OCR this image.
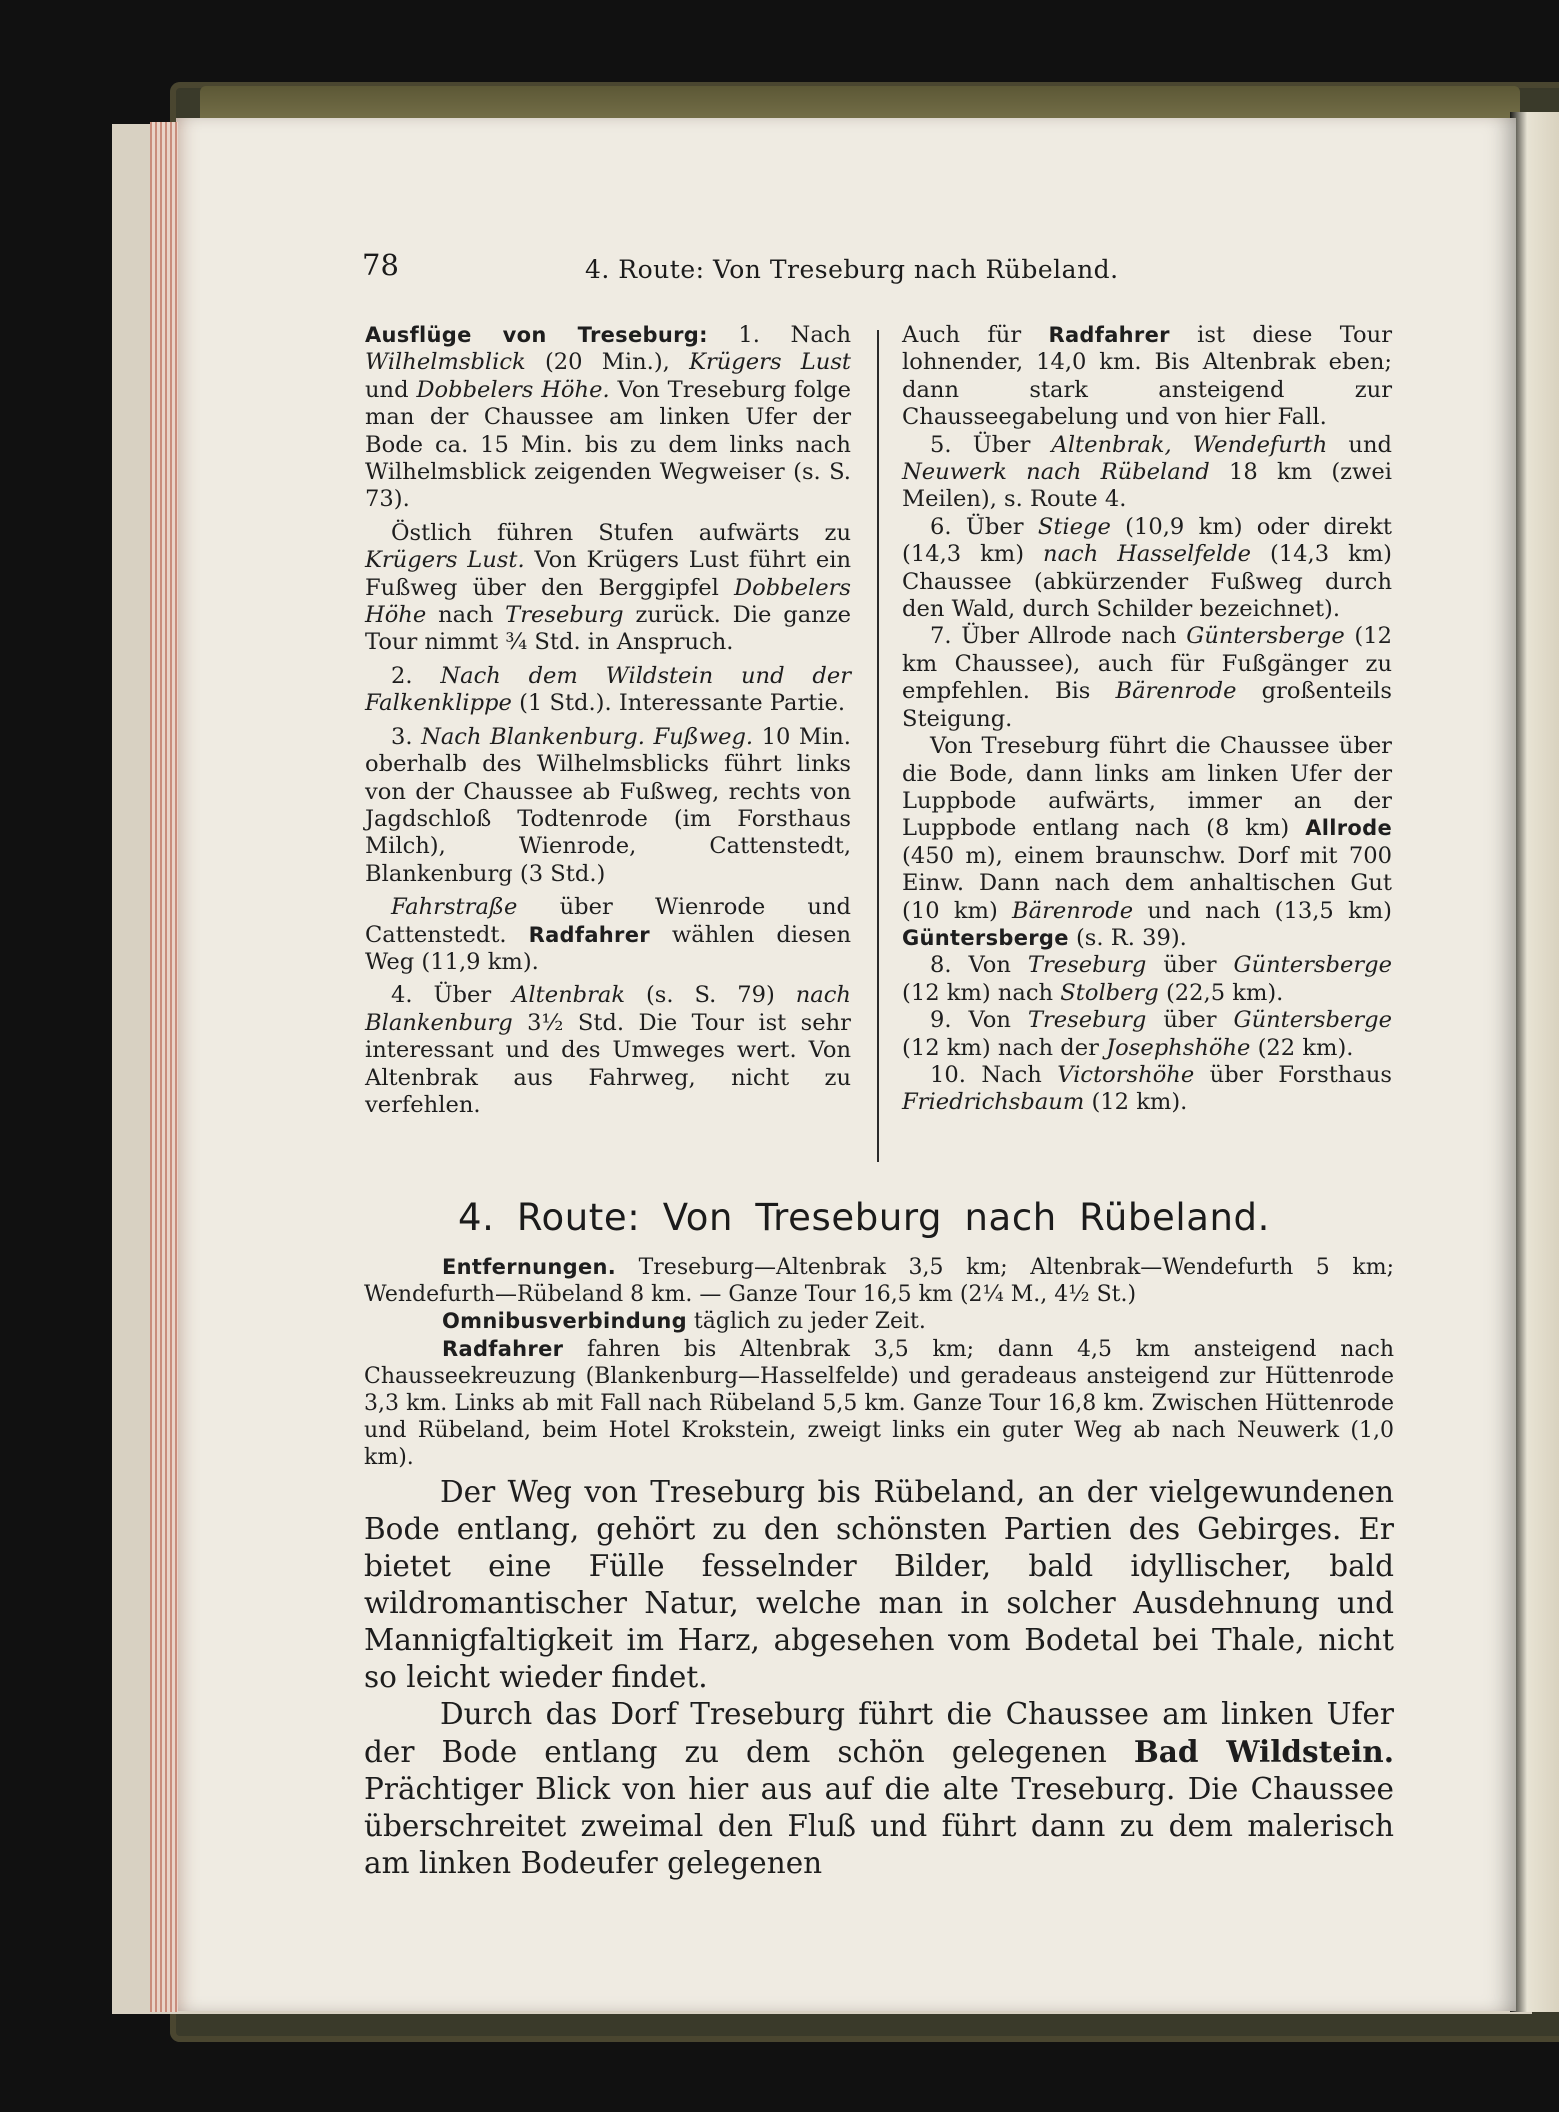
78	4. Route: Von Treseburg nach Rübeland.

Ausflüge von Treseburg: 1. Nach Wilhelmsblick (20 Min.), Krügers Lust und Dobbelers Höhe. Von Treseburg folge man der Chaussee am linken Ufer der Bode ca. 15 Min. bis zu dem links nach Wilhelmsblick zeigenden Wegweiser (s. S. 73).

Östlich führen Stufen aufwärts zu Krügers Lust. Von Krügers Lust führt ein Fußweg über den Berggipfel Dobbelers Höhe nach Treseburg zurück. Die ganze Tour nimmt ¾ Std. in Anspruch.

2. Nach dem Wildstein und der Falkenklippe (1 Std.). Interessante Partie.

3. Nach Blankenburg. Fußweg. 10 Min. oberhalb des Wilhelmsblicks führt links von der Chaussee ab Fußweg, rechts von Jagdschloß Todtenrode (im Forsthaus Milch), Wienrode, Cattenstedt, Blankenburg (3 Std.)

Fahrstraße über Wienrode und Cattenstedt. Radfahrer wählen diesen Weg (11,9 km).

4. Über Altenbrak (s. S. 79) nach Blankenburg 3½ Std. Die Tour ist sehr interessant und des Umweges wert. Von Altenbrak aus Fahrweg, nicht zu verfehlen.

Auch für Radfahrer ist diese Tour lohnender, 14,0 km. Bis Altenbrak eben; dann stark ansteigend zur Chausseegabelung und von hier Fall.

5. Über Altenbrak, Wendefurth und Neuwerk nach Rübeland 18 km (zwei Meilen), s. Route 4.

6. Über Stiege (10,9 km) oder direkt (14,3 km) nach Hasselfelde (14,3 km) Chaussee (abkürzender Fußweg durch den Wald, durch Schilder bezeichnet).

7. Über Allrode nach Güntersberge (12 km Chaussee), auch für Fußgänger zu empfehlen. Bis Bärenrode großenteils Steigung.

Von Treseburg führt die Chaussee über die Bode, dann links am linken Ufer der Luppbode aufwärts, immer an der Luppbode entlang nach (8 km) Allrode (450 m), einem braunschw. Dorf mit 700 Einw. Dann nach dem anhaltischen Gut (10 km) Bärenrode und nach (13,5 km) Güntersberge (s. R. 39).

8. Von Treseburg über Güntersberge (12 km) nach Stolberg (22,5 km).

9. Von Treseburg über Güntersberge (12 km) nach der Josephshöhe (22 km).

10. Nach Victorshöhe über Forsthaus Friedrichsbaum (12 km).

4. Route: Von Treseburg nach Rübeland.

Entfernungen. Treseburg—Altenbrak 3,5 km; Altenbrak—Wendefurth 5 km; Wendefurth—Rübeland 8 km. — Ganze Tour 16,5 km (2¼ M., 4½ St.)

Omnibusverbindung täglich zu jeder Zeit.

Radfahrer fahren bis Altenbrak 3,5 km; dann 4,5 km ansteigend nach Chausseekreuzung (Blankenburg—Hasselfelde) und geradeaus ansteigend zur Hüttenrode 3,3 km. Links ab mit Fall nach Rübeland 5,5 km. Ganze Tour 16,8 km. Zwischen Hüttenrode und Rübeland, beim Hotel Krokstein, zweigt links ein guter Weg ab nach Neuwerk (1,0 km).

Der Weg von Treseburg bis Rübeland, an der vielgewundenen Bode entlang, gehört zu den schönsten Partien des Gebirges. Er bietet eine Fülle fesselnder Bilder, bald idyllischer, bald wildromantischer Natur, welche man in solcher Ausdehnung und Mannigfaltigkeit im Harz, abgesehen vom Bodetal bei Thale, nicht so leicht wieder findet.

Durch das Dorf Treseburg führt die Chaussee am linken Ufer der Bode entlang zu dem schön gelegenen Bad Wildstein. Prächtiger Blick von hier aus auf die alte Treseburg. Die Chaussee überschreitet zweimal den Fluß und führt dann zu dem malerisch am linken Bodeufer gelegenen
